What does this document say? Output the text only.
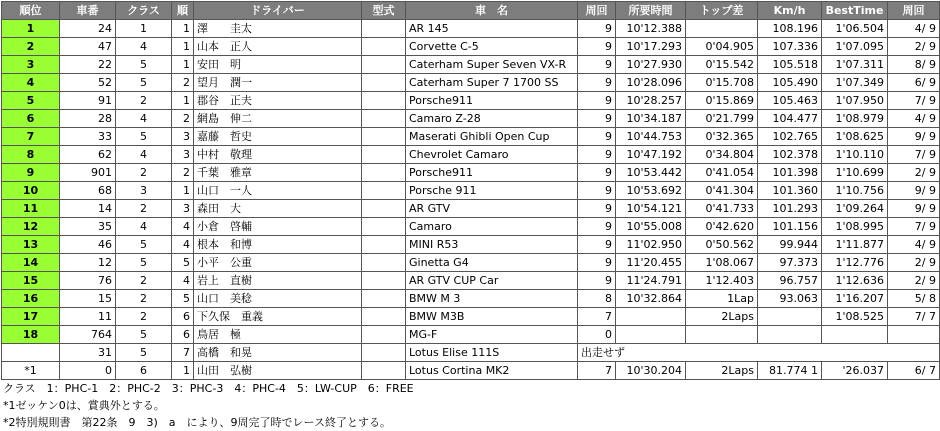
順位	車番	クラス	順	ドライバー	型式	車　名	周回	所要時間	トップ差	Km/h	BestTime	周回
1	24	1	1	澤　　圭太		AR 145	9	10'12.388		108.196	1'06.504	4/ 9
2	47	4	1	山本　正人		Corvette C-5	9	10'17.293	0'04.905	107.336	1'07.095	2/ 9
3	22	5	1	安田　明		Caterham Super Seven VX-R	9	10'27.930	0'15.542	105.518	1'07.311	8/ 9
4	52	5	2	望月　潤一		Caterham Super 7 1700 SS	9	10'28.096	0'15.708	105.490	1'07.349	6/ 9
5	91	2	1	郡谷　正夫		Porsche911	9	10'28.257	0'15.869	105.463	1'07.950	7/ 9
6	28	4	2	網島　伸二		Camaro Z-28	9	10'34.187	0'21.799	104.477	1'08.979	4/ 9
7	33	5	3	嘉藤　哲史		Maserati Ghibli Open Cup	9	10'44.753	0'32.365	102.765	1'08.625	9/ 9
8	62	4	3	中村　敬理		Chevrolet Camaro	9	10'47.192	0'34.804	102.378	1'10.110	7/ 9
9	901	2	2	千葉　雅章		Porsche911	9	10'53.442	0'41.054	101.398	1'10.699	2/ 9
10	68	3	1	山口　一人		Porsche 911	9	10'53.692	0'41.304	101.360	1'10.756	9/ 9
11	14	2	3	森田　大		AR GTV	9	10'54.121	0'41.733	101.293	1'09.264	9/ 9
12	35	4	4	小倉　啓輔		Camaro	9	10'55.008	0'42.620	101.156	1'08.995	7/ 9
13	46	5	4	根本　和博		MINI R53	9	11'02.950	0'50.562	99.944	1'11.877	4/ 9
14	12	5	5	小平　公重		Ginetta G4	9	11'20.455	1'08.067	97.373	1'12.776	2/ 9
15	76	2	4	岩上　直樹		AR GTV CUP Car	9	11'24.791	1'12.403	96.757	1'12.636	2/ 9
16	15	2	5	山口　美稔		BMW M 3	8	10'32.864	1Lap	93.063	1'16.207	5/ 8
17	11	2	6	下久保　重義		BMW M3B	7		2Laps		1'08.525	7/ 7
18	764	5	6	鳥居　極		MG-F	0					
	31	5	7	高橋　和晃		Lotus Elise 111S	出走せず					
*1	0	6	1	山田　弘樹		Lotus Cortina MK2	7	10'30.204	2Laps	81.774 1	'26.037	6/ 7
クラス　1：PHC-1　2：PHC-2　3：PHC-3　4：PHC-4　5：LW-CUP　6：FREE
*1ゼッケン0は、賞典外とする。
*2特別規則書　第22条　9　3)　a　により、9周完了時でレース終了とする。
